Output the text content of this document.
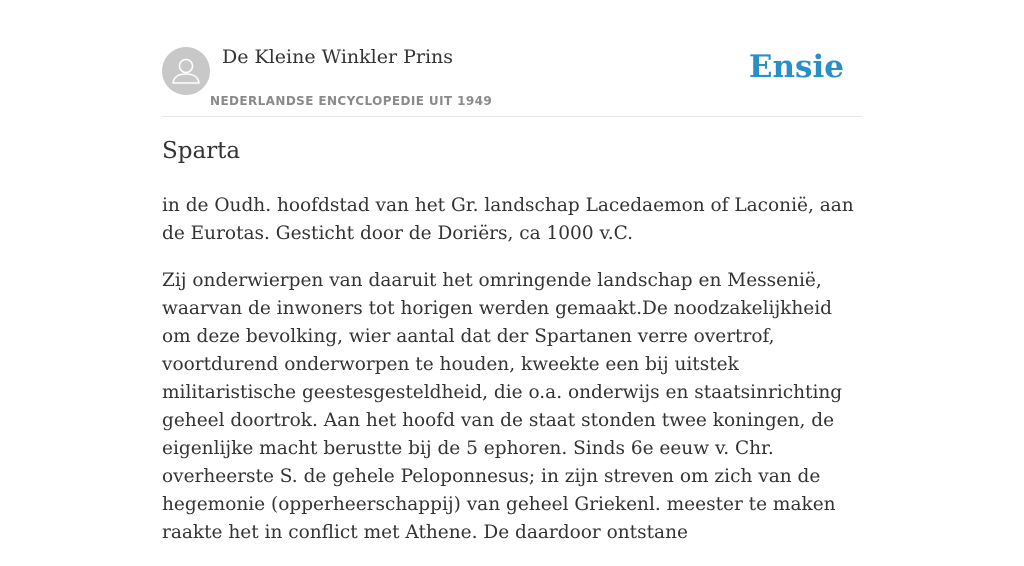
De Kleine Winkler Prins
NEDERLANDSE ENCYCLOPEDIE UIT 1949
Ensie
Sparta

in de Oudh. hoofdstad van het Gr. landschap Lacedaemon of Laconië, aan de Eurotas. Gesticht door de Doriërs, ca 1000 v.C.

Zij onderwierpen van daaruit het omringende landschap en Messenië, waarvan de inwoners tot horigen werden gemaakt.De noodzakelijkheid om deze bevolking, wier aantal dat der Spartanen verre overtrof, voortdurend onderworpen te houden, kweekte een bij uitstek militaristische geestesgesteldheid, die o.a. onderwijs en staatsinrichting geheel doortrok. Aan het hoofd van de staat stonden twee koningen, de eigenlijke macht berustte bij de 5 ephoren. Sinds 6e eeuw v. Chr. overheerste S. de gehele Peloponnesus; in zijn streven om zich van de hegemonie (opperheerschappij) van geheel Griekenl. meester te maken raakte het in conflict met Athene. De daardoor ontstane
